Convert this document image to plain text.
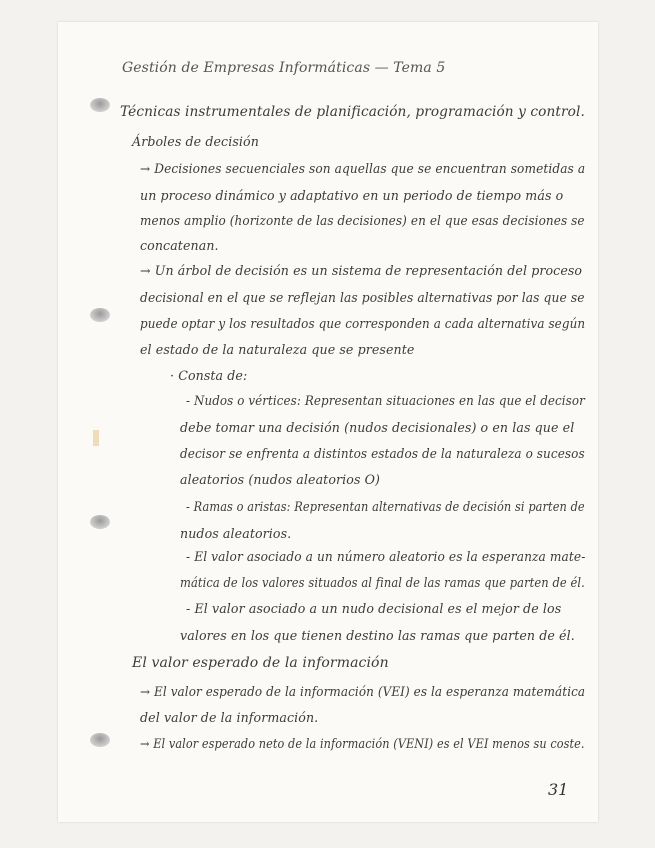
Gestión de Empresas Informáticas — Tema 5
Técnicas instrumentales de planificación, programación y control.
Árboles de decisión
→ Decisiones secuenciales son aquellas que se encuentran sometidas a
un proceso dinámico y adaptativo en un periodo de tiempo más o
menos amplio (horizonte de las decisiones) en el que esas decisiones se
concatenan.
→ Un árbol de decisión es un sistema de representación del proceso
decisional en el que se reflejan las posibles alternativas por las que se
puede optar y los resultados que corresponden a cada alternativa según
el estado de la naturaleza que se presente
· Consta de:
- Nudos o vértices: Representan situaciones en las que el decisor
debe tomar una decisión (nudos decisionales) o en las que el
decisor se enfrenta a distintos estados de la naturaleza o sucesos
aleatorios (nudos aleatorios O)
- Ramas o aristas: Representan alternativas de decisión si parten de
nudos aleatorios.
- El valor asociado a un número aleatorio es la esperanza mate-
mática de los valores situados al final de las ramas que parten de él.
- El valor asociado a un nudo decisional es el mejor de los
valores en los que tienen destino las ramas que parten de él.
El valor esperado de la información
→ El valor esperado de la información (VEI) es la esperanza matemática
del valor de la información.
→ El valor esperado neto de la información (VENI) es el VEI menos su coste.
31
